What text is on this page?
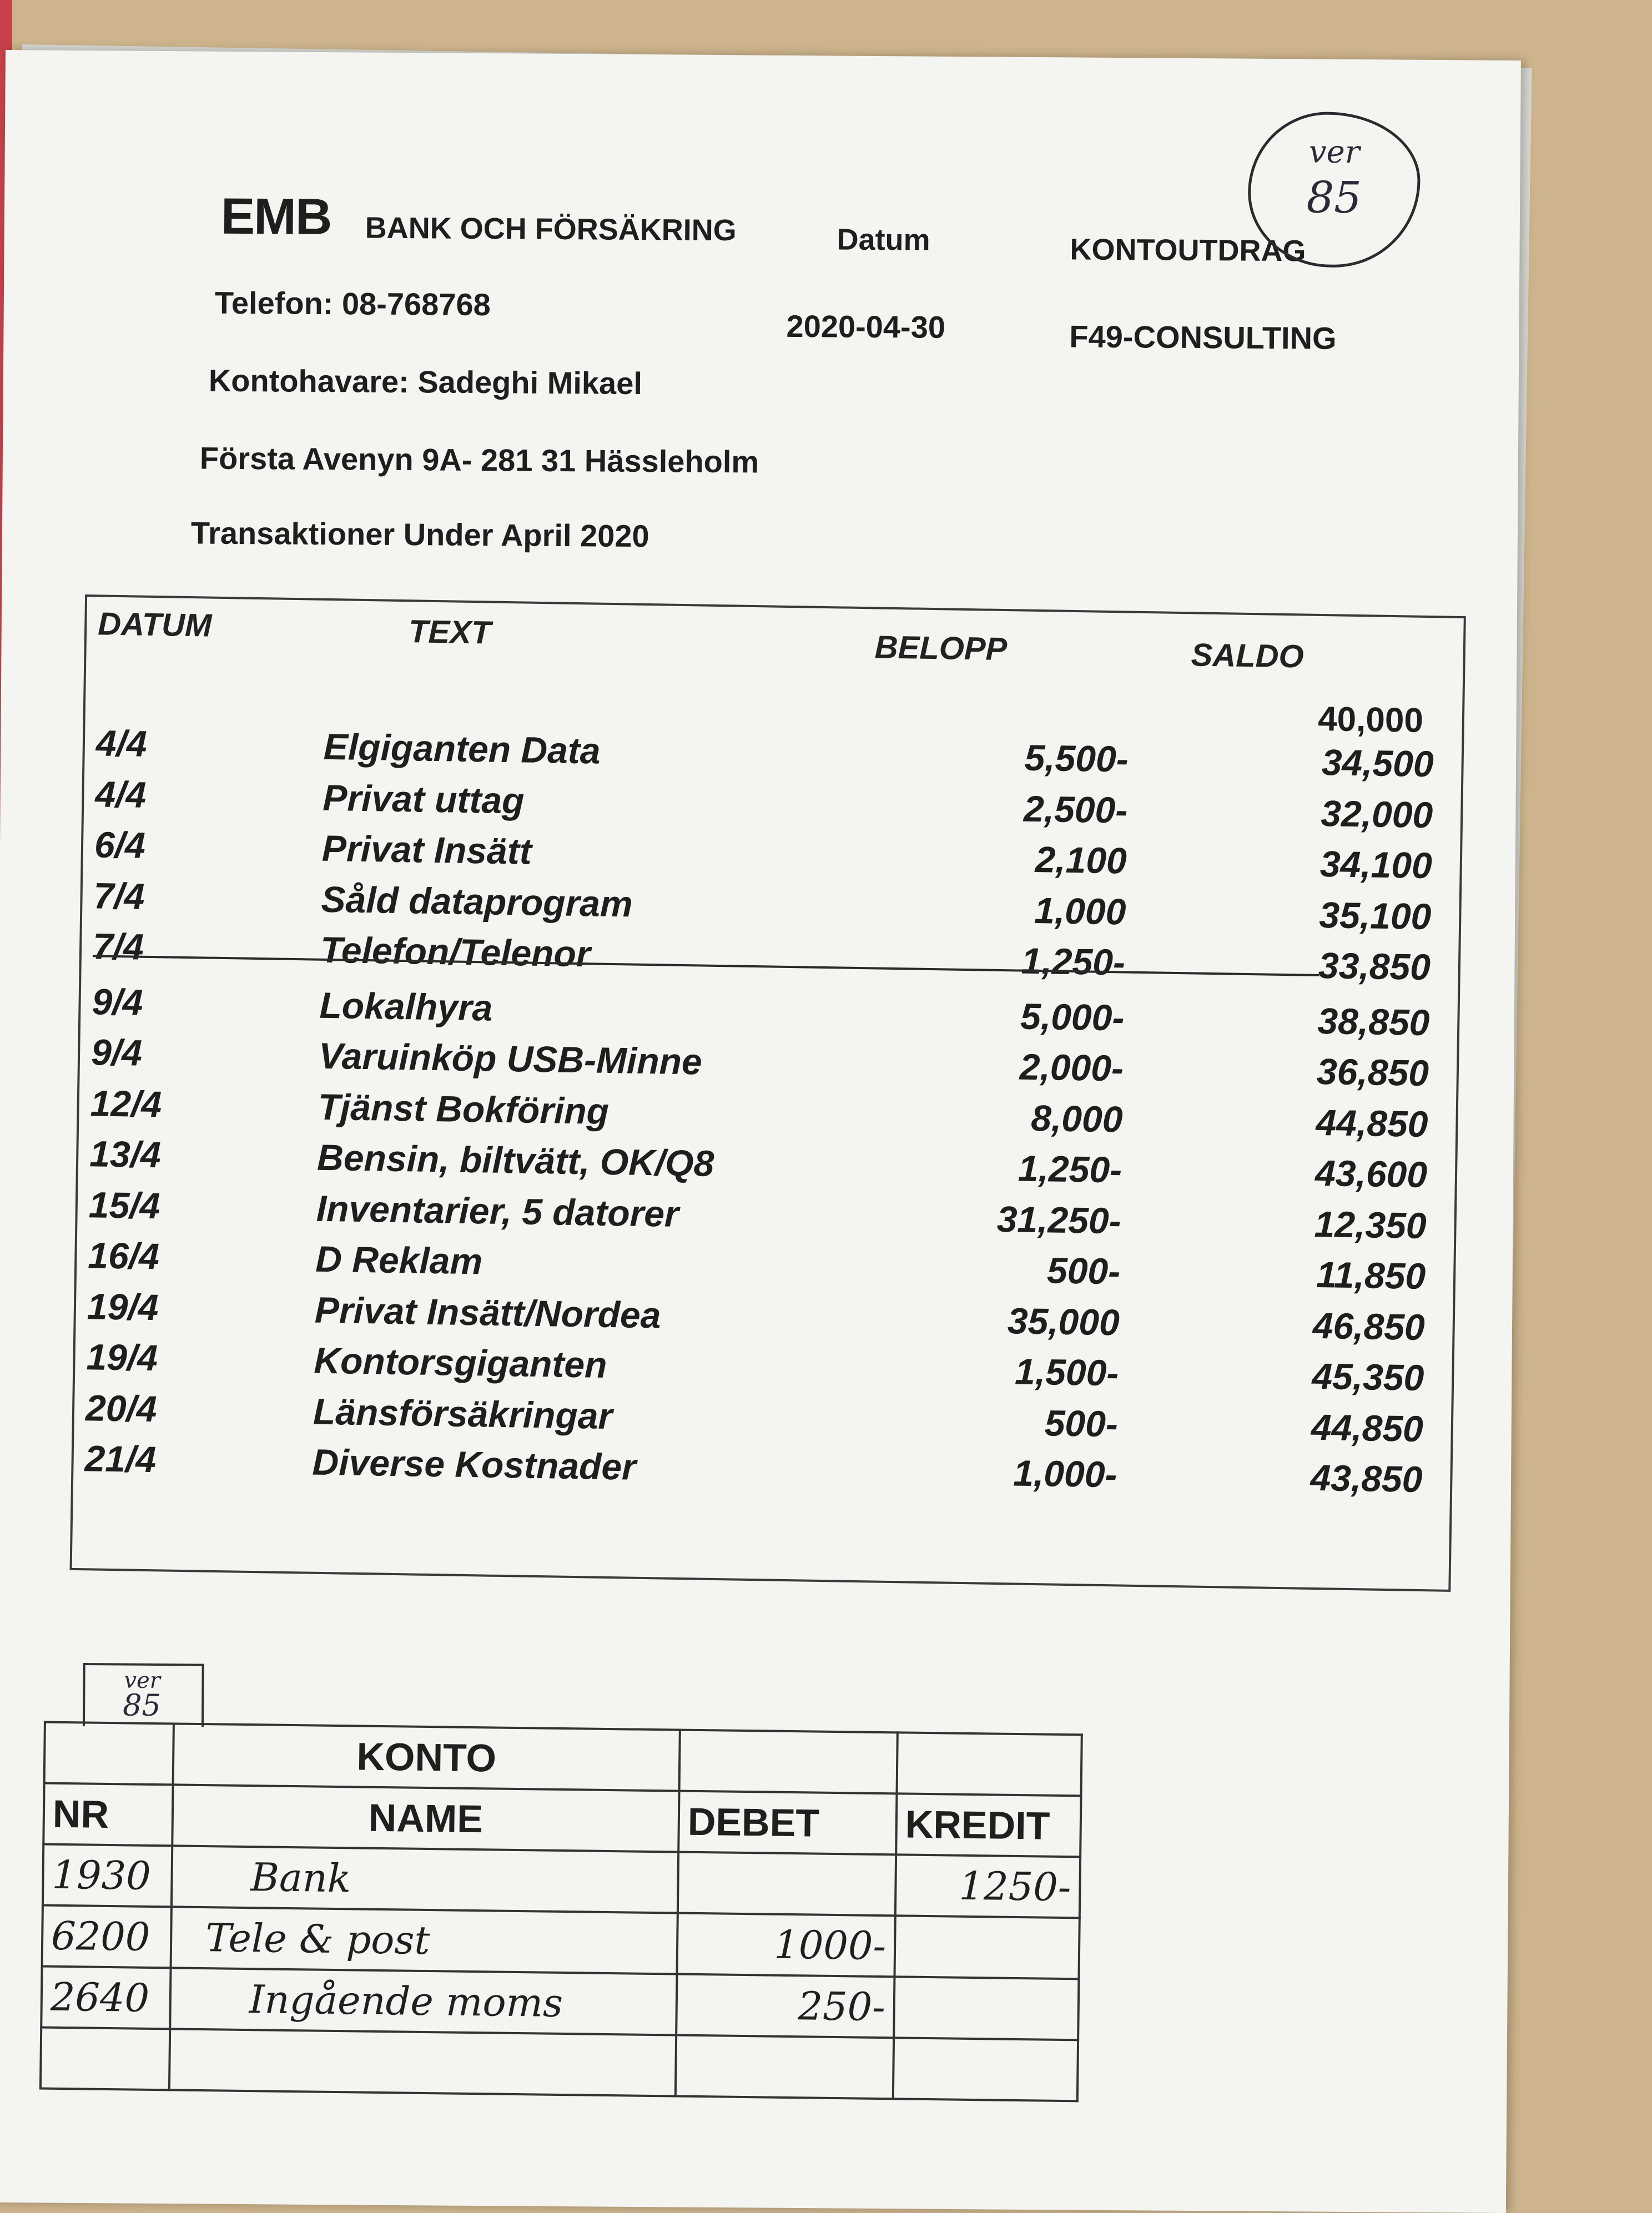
EMB BANK OCH FÖRSÄKRING	Datum	KONTOUTDRAG
Telefon: 08-768768
2020-04-30	F49-CONSULTING
Kontohavare: Sadeghi Mikael
Första Avenyn 9A- 281 31 Hässleholm
Transaktioner Under April 2020
ver
85
DATUM	TEXT	BELOPP	SALDO
40,000
4/4	Elgiganten Data	5,500-	34,500
4/4	Privat uttag	2,500-	32,000
6/4	Privat Insätt	2,100	34,100
7/4	Såld dataprogram	1,000	35,100
7/4	Telefon/Telenor	1,250-	33,850
9/4	Lokalhyra	5,000-	38,850
9/4	Varuinköp USB-Minne	2,000-	36,850
12/4	Tjänst Bokföring	8,000	44,850
13/4	Bensin, biltvätt, OK/Q8	1,250-	43,600
15/4	Inventarier, 5 datorer	31,250-	12,350
16/4	D Reklam	500-	11,850
19/4	Privat Insätt/Nordea	35,000	46,850
19/4	Kontorsgiganten	1,500-	45,350
20/4	Länsförsäkringar	500-	44,850
21/4	Diverse Kostnader	1,000-	43,850
ver
85
	KONTO		
NR	NAME	DEBET	KREDIT
1930	Bank		1250-
6200	Tele & post	1000-	
2640	Ingående moms	250-	
